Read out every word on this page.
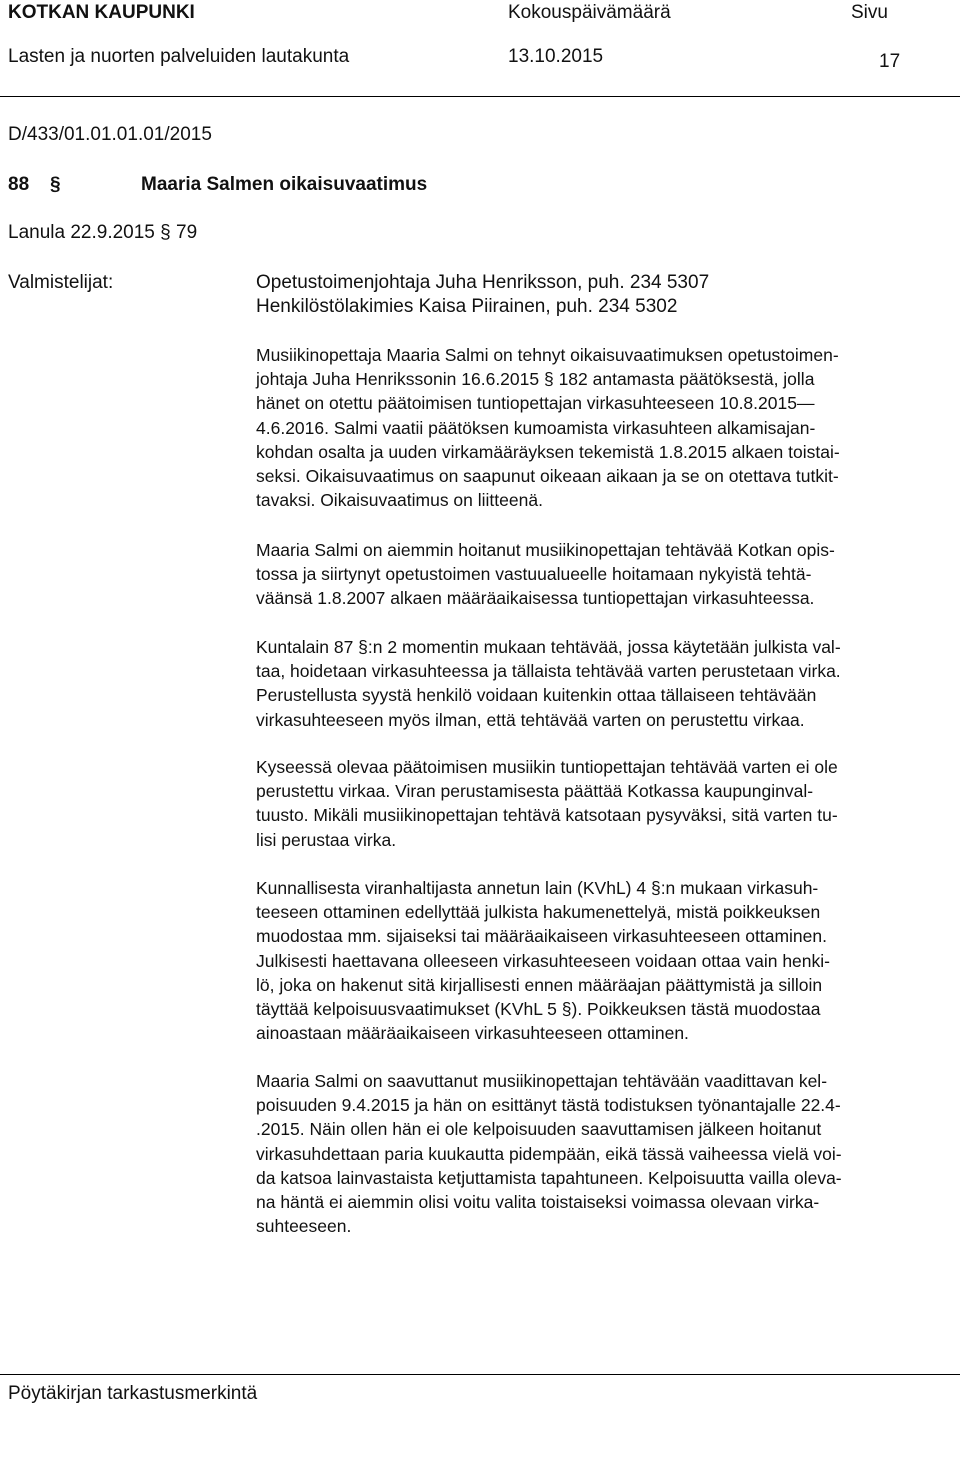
KOTKAN KAUPUNKI	Kokouspäivämäärä	Sivu
Lasten ja nuorten palveluiden lautakunta	13.10.2015	17
D/433/01.01.01.01/2015
88 §	Maaria Salmen oikaisuvaatimus
Lanula 22.9.2015 § 79
Valmistelijat:	Opetustoimenjohtaja Juha Henriksson, puh. 234 5307
Henkilöstölakimies Kaisa Piirainen, puh. 234 5302
Musiikinopettaja Maaria Salmi on tehnyt oikaisuvaatimuksen opetustoimen-
johtaja Juha Henrikssonin 16.6.2015 § 182 antamasta päätöksestä, jolla
hänet on otettu päätoimisen tuntiopettajan virkasuhteeseen 10.8.2015—
4.6.2016. Salmi vaatii päätöksen kumoamista virkasuhteen alkamisajan-
kohdan osalta ja uuden virkamääräyksen tekemistä 1.8.2015 alkaen toistai-
seksi. Oikaisuvaatimus on saapunut oikeaan aikaan ja se on otettava tutkit-
tavaksi. Oikaisuvaatimus on liitteenä.
Maaria Salmi on aiemmin hoitanut musiikinopettajan tehtävää Kotkan opis-
tossa ja siirtynyt opetustoimen vastuualueelle hoitamaan nykyistä tehtä-
väänsä 1.8.2007 alkaen määräaikaisessa tuntiopettajan virkasuhteessa.
Kuntalain 87 §:n 2 momentin mukaan tehtävää, jossa käytetään julkista val-
taa, hoidetaan virkasuhteessa ja tällaista tehtävää varten perustetaan virka.
Perustellusta syystä henkilö voidaan kuitenkin ottaa tällaiseen tehtävään
virkasuhteeseen myös ilman, että tehtävää varten on perustettu virkaa.
Kyseessä olevaa päätoimisen musiikin tuntiopettajan tehtävää varten ei ole
perustettu virkaa. Viran perustamisesta päättää Kotkassa kaupunginval-
tuusto. Mikäli musiikinopettajan tehtävä katsotaan pysyväksi, sitä varten tu-
lisi perustaa virka.
Kunnallisesta viranhaltijasta annetun lain (KVhL) 4 §:n mukaan virkasuh-
teeseen ottaminen edellyttää julkista hakumenettelyä, mistä poikkeuksen
muodostaa mm. sijaiseksi tai määräaikaiseen virkasuhteeseen ottaminen.
Julkisesti haettavana olleeseen virkasuhteeseen voidaan ottaa vain henki-
lö, joka on hakenut sitä kirjallisesti ennen määräajan päättymistä ja silloin
täyttää kelpoisuusvaatimukset (KVhL 5 §). Poikkeuksen tästä muodostaa
ainoastaan määräaikaiseen virkasuhteeseen ottaminen.
Maaria Salmi on saavuttanut musiikinopettajan tehtävään vaadittavan kel-
poisuuden 9.4.2015 ja hän on esittänyt tästä todistuksen työnantajalle 22.4-
.2015. Näin ollen hän ei ole kelpoisuuden saavuttamisen jälkeen hoitanut
virkasuhdettaan paria kuukautta pidempään, eikä tässä vaiheessa vielä voi-
da katsoa lainvastaista ketjuttamista tapahtuneen. Kelpoisuutta vailla oleva-
na häntä ei aiemmin olisi voitu valita toistaiseksi voimassa olevaan virka-
suhteeseen.
Pöytäkirjan tarkastusmerkintä
